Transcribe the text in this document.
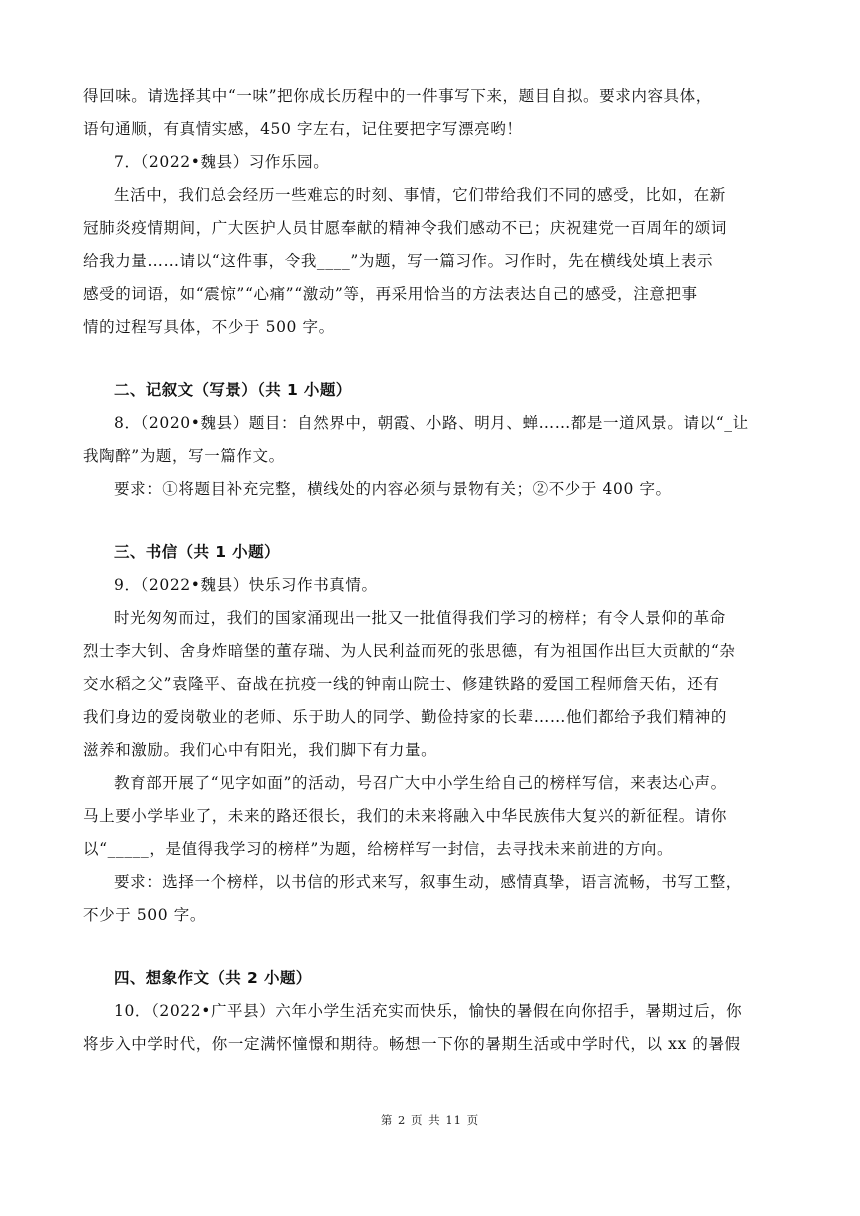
得回味。请选择其中“一味”把你成长历程中的一件事写下来，题目自拟。要求内容具体，
语句通顺，有真情实感，450 字左右，记住要把字写漂亮哟！
7．（2022•魏县）习作乐园。
生活中，我们总会经历一些难忘的时刻、事情，它们带给我们不同的感受，比如，在新
冠肺炎疫情期间，广大医护人员甘愿奉献的精神令我们感动不已；庆祝建党一百周年的颂词
给我力量……请以“这件事，令我____”为题，写一篇习作。习作时，先在横线处填上表示
感受的词语，如“震惊”“心痛”“激动”等，再采用恰当的方法表达自己的感受，注意把事
情的过程写具体，不少于 500 字。
二、记叙文（写景）（共 1 小题）
8．（2020•魏县）题目：自然界中，朝霞、小路、明月、蝉……都是一道风景。请以“_让
我陶醉”为题，写一篇作文。
要求：①将题目补充完整，横线处的内容必须与景物有关；②不少于 400 字。
三、书信（共 1 小题）
9．（2022•魏县）快乐习作书真情。
时光匆匆而过，我们的国家涌现出一批又一批值得我们学习的榜样；有令人景仰的革命
烈士李大钊、舍身炸暗堡的董存瑞、为人民利益而死的张思德，有为祖国作出巨大贡献的“杂
交水稻之父”袁隆平、奋战在抗疫一线的钟南山院士、修建铁路的爱国工程师詹天佑，还有
我们身边的爱岗敬业的老师、乐于助人的同学、勤俭持家的长辈……他们都给予我们精神的
滋养和激励。我们心中有阳光，我们脚下有力量。
教育部开展了“见字如面”的活动，号召广大中小学生给自己的榜样写信，来表达心声。
马上要小学毕业了，未来的路还很长，我们的未来将融入中华民族伟大复兴的新征程。请你
以“_____，是值得我学习的榜样”为题，给榜样写一封信，去寻找未来前进的方向。
要求：选择一个榜样，以书信的形式来写，叙事生动，感情真挚，语言流畅，书写工整，
不少于 500 字。
四、想象作文（共 2 小题）
10．（2022•广平县）六年小学生活充实而快乐，愉快的暑假在向你招手，暑期过后，你
将步入中学时代，你一定满怀憧憬和期待。畅想一下你的暑期生活或中学时代，以 xx 的暑假
第 2 页 共 11 页
